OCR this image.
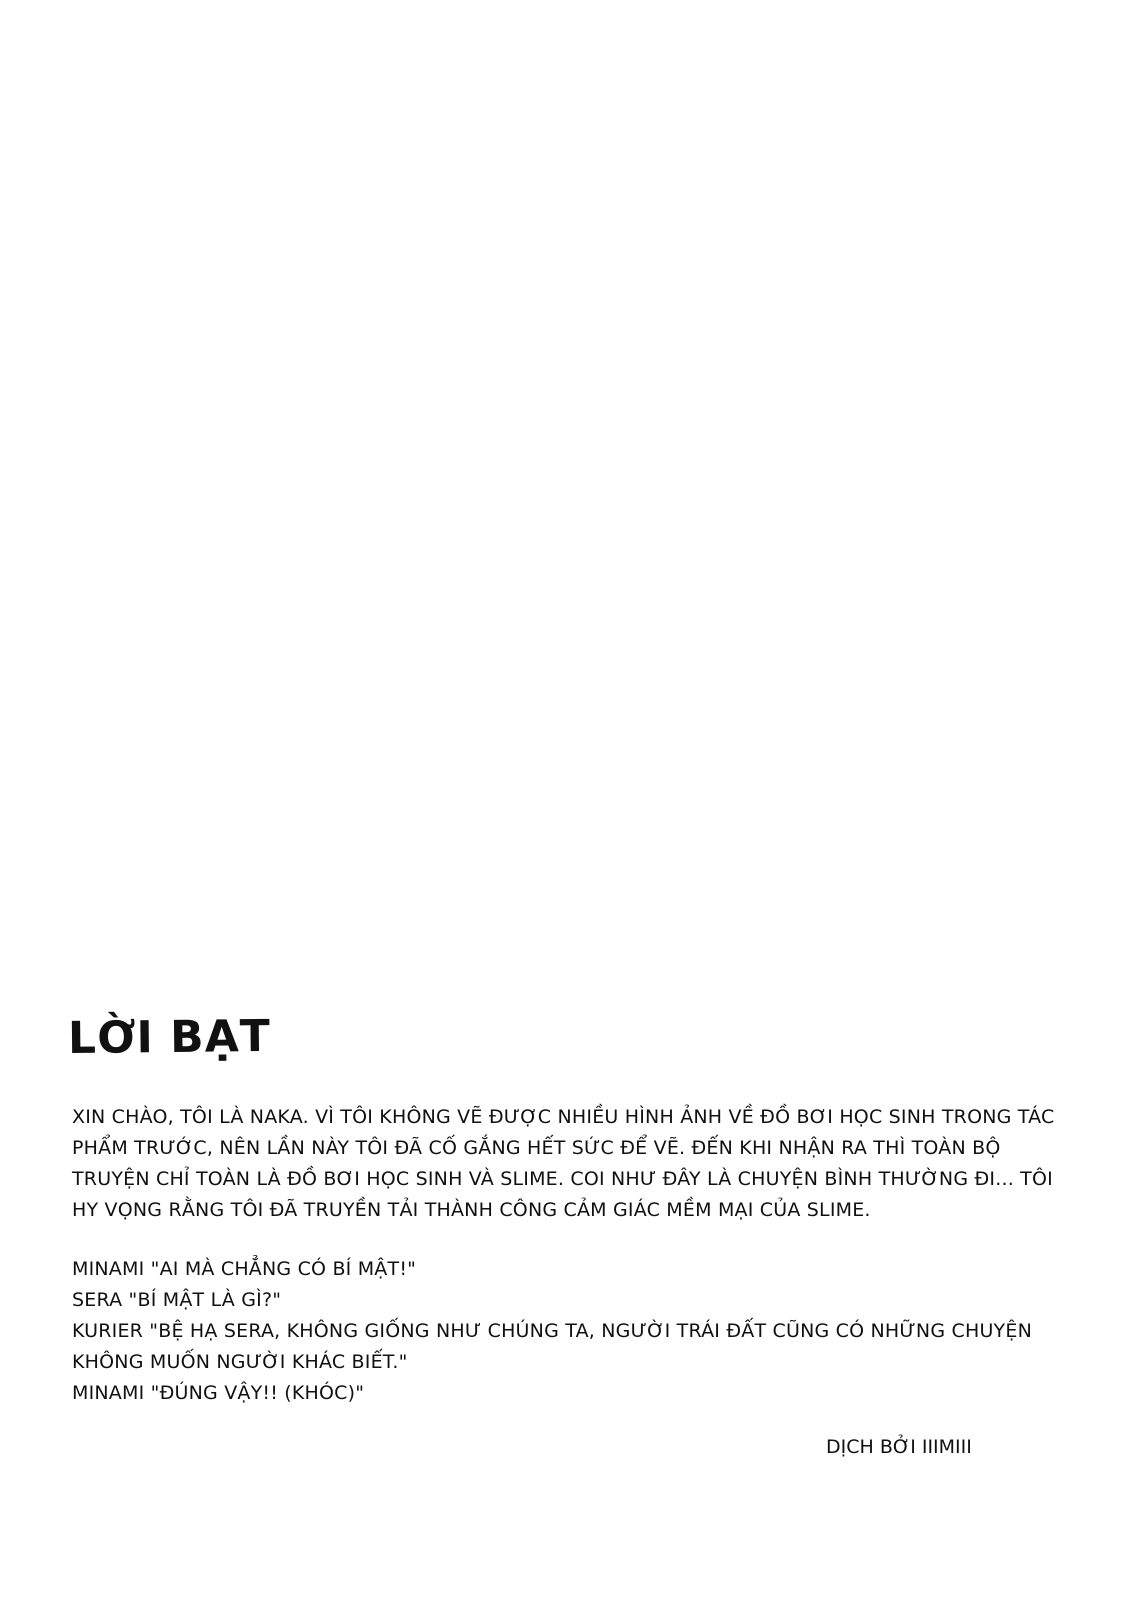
LỜI BẠT
XIN CHÀO, TÔI LÀ NAKA. VÌ TÔI KHÔNG VẼ ĐƯỢC NHIỀU HÌNH ẢNH VỀ ĐỒ BƠI HỌC SINH TRONG TÁC
PHẨM TRƯỚC, NÊN LẦN NÀY TÔI ĐÃ CỐ GẮNG HẾT SỨC ĐỂ VẼ. ĐẾN KHI NHẬN RA THÌ TOÀN BỘ
TRUYỆN CHỈ TOÀN LÀ ĐỒ BƠI HỌC SINH VÀ SLIME. COI NHƯ ĐÂY LÀ CHUYỆN BÌNH THƯỜNG ĐI... TÔI
HY VỌNG RẰNG TÔI ĐÃ TRUYỀN TẢI THÀNH CÔNG CẢM GIÁC MỀM MẠI CỦA SLIME.
MINAMI "AI MÀ CHẲNG CÓ BÍ MẬT!"
SERA "BÍ MẬT LÀ GÌ?"
KURIER "BỆ HẠ SERA, KHÔNG GIỐNG NHƯ CHÚNG TA, NGƯỜI TRÁI ĐẤT CŨNG CÓ NHỮNG CHUYỆN
KHÔNG MUỐN NGƯỜI KHÁC BIẾT."
MINAMI "ĐÚNG VẬY!! (KHÓC)"

DỊCH BỞI IIIMIII
